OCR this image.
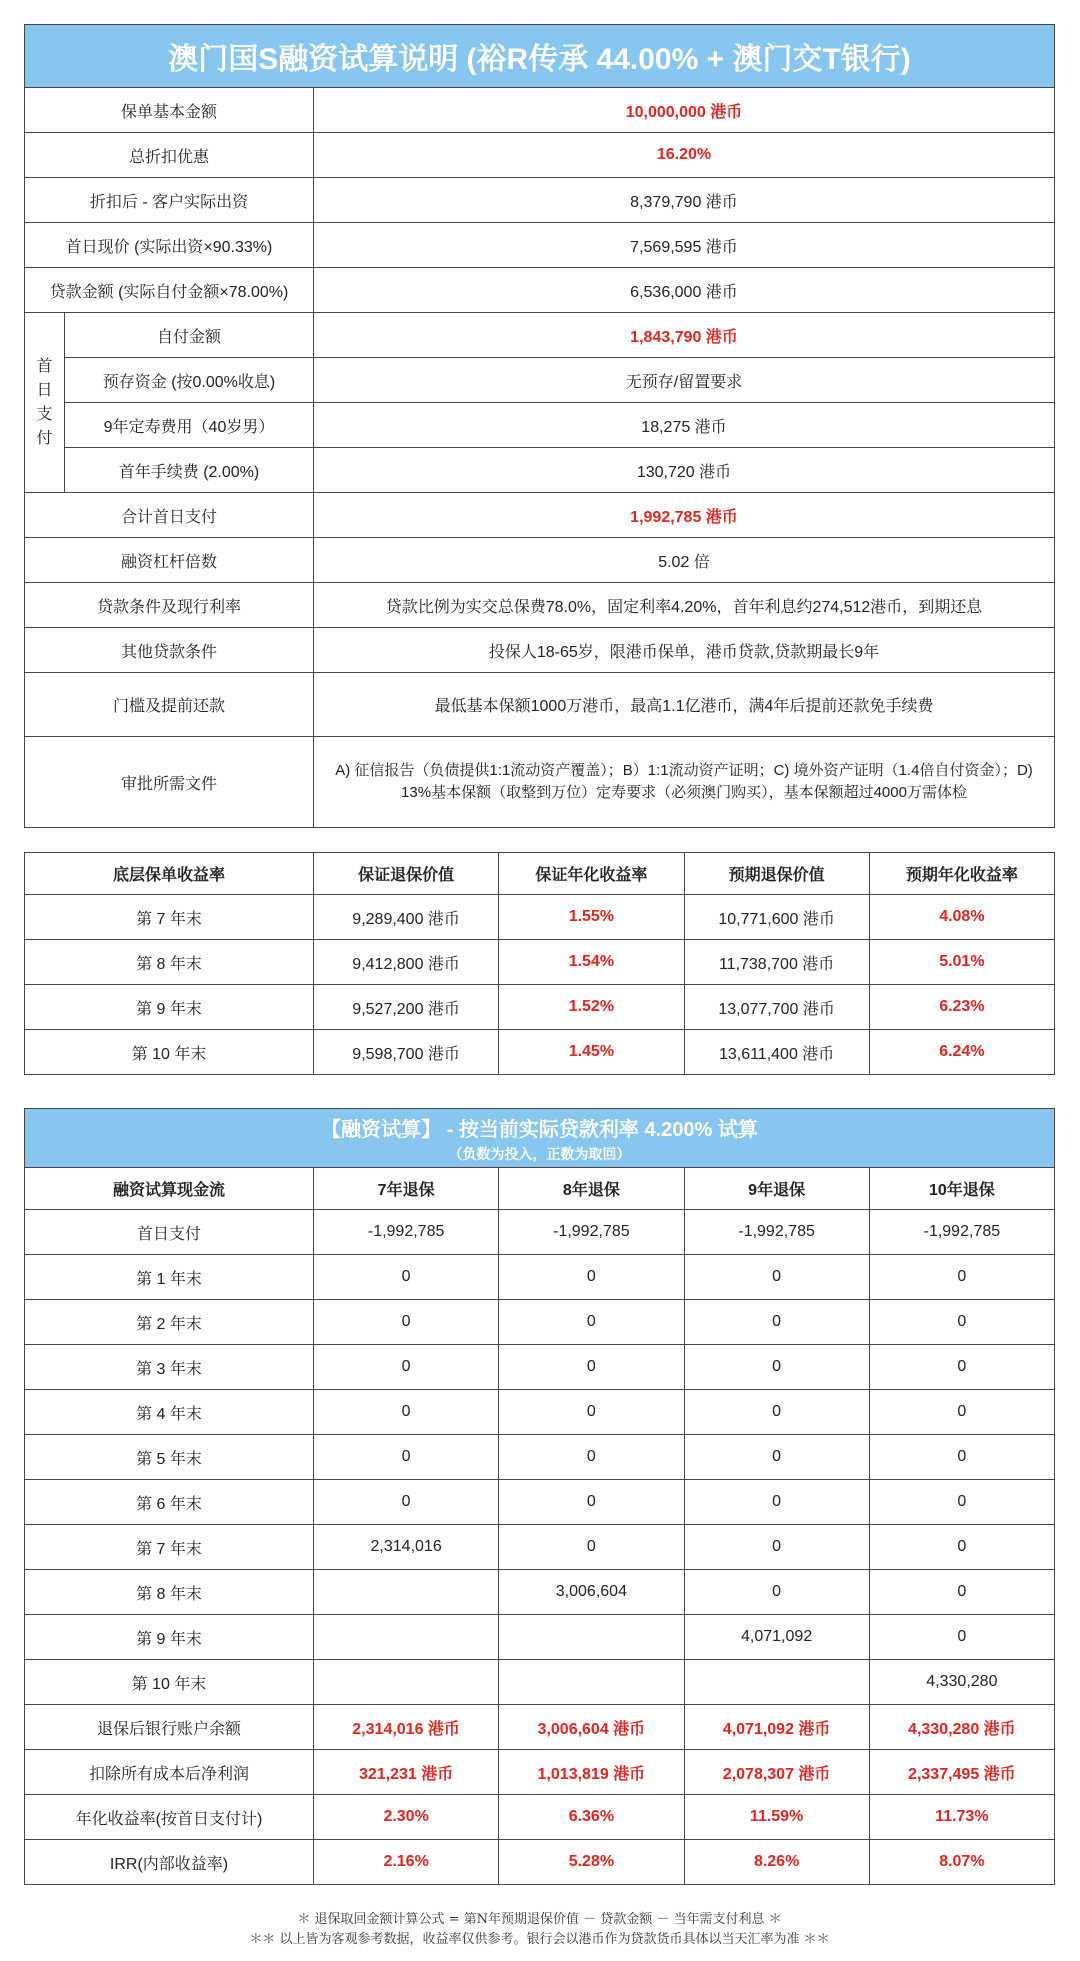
澳门国S融资试算说明 (裕R传承 44.00% + 澳门交T银行)		
保单基本金额		10,000,000 港币
总折扣优惠		16.20%
折扣后 - 客户实际出资		8,379,790 港币
首日现价 (实际出资×90.33%)		7,569,595 港币
贷款金额 (实际自付金额×78.00%)		6,536,000 港币

首
日
支
付	自付金额	1,843,790 港币
	预存资金 (按0.00%收息)	无预存/留置要求
	9年定寿费用（40岁男）	18,275 港币
	首年手续费 (2.00%)	130,720 港币
合计首日支付		1,992,785 港币
融资杠杆倍数		5.02 倍
贷款条件及现行利率		贷款比例为实交总保费78.0%，固定利率4.20%，首年利息约274,512港币，到期还息
其他贷款条件		投保人18-65岁，限港币保单，港币贷款,贷款期最长9年
门槛及提前还款		最低基本保额1000万港币，最高1.1亿港币，满4年后提前还款免手续费
审批所需文件		A) 征信报告（负债提供1:1流动资产覆盖）；B）1:1流动资产证明；C) 境外资产证明（1.4倍自付资金）；D) 13%基本保额（取整到万位）定寿要求（必须澳门购买），基本保额超过4000万需体检
底层保单收益率	保证退保价值	保证年化收益率	预期退保价值	预期年化收益率
第 7 年末	9,289,400 港币	1.55%	10,771,600 港币	4.08%
第 8 年末	9,412,800 港币	1.54%	11,738,700 港币	5.01%
第 9 年末	9,527,200 港币	1.52%	13,077,700 港币	6.23%
第 10 年末	9,598,700 港币	1.45%	13,611,400 港币	6.24%
【融资试算】 - 按当前实际贷款利率 4.200% 试算
（负数为投入，正数为取回）				

融资试算现金流	7年退保	8年退保	9年退保	10年退保
首日支付	-1,992,785	-1,992,785	-1,992,785	-1,992,785
第 1 年末	0	0	0	0
第 2 年末	0	0	0	0
第 3 年末	0	0	0	0
第 4 年末	0	0	0	0
第 5 年末	0	0	0	0
第 6 年末	0	0	0	0
第 7 年末	2,314,016	0	0	0
第 8 年末		3,006,604	0	0
第 9 年末			4,071,092	0
第 10 年末				4,330,280
退保后银行账户余额	2,314,016 港币	3,006,604 港币	4,071,092 港币	4,330,280 港币
扣除所有成本后净利润	321,231 港币	1,013,819 港币	2,078,307 港币	2,337,495 港币
年化收益率(按首日支付计)	2.30%	6.36%	11.59%	11.73%
IRR(内部收益率)	2.16%	5.28%	8.26%	8.07%
＊ 退保取回金额计算公式 = 第N年预期退保价值 － 贷款金额 － 当年需支付利息 ＊
＊＊ 以上皆为客观参考数据，收益率仅供参考。银行会以港币作为贷款货币具体以当天汇率为准 ＊＊
